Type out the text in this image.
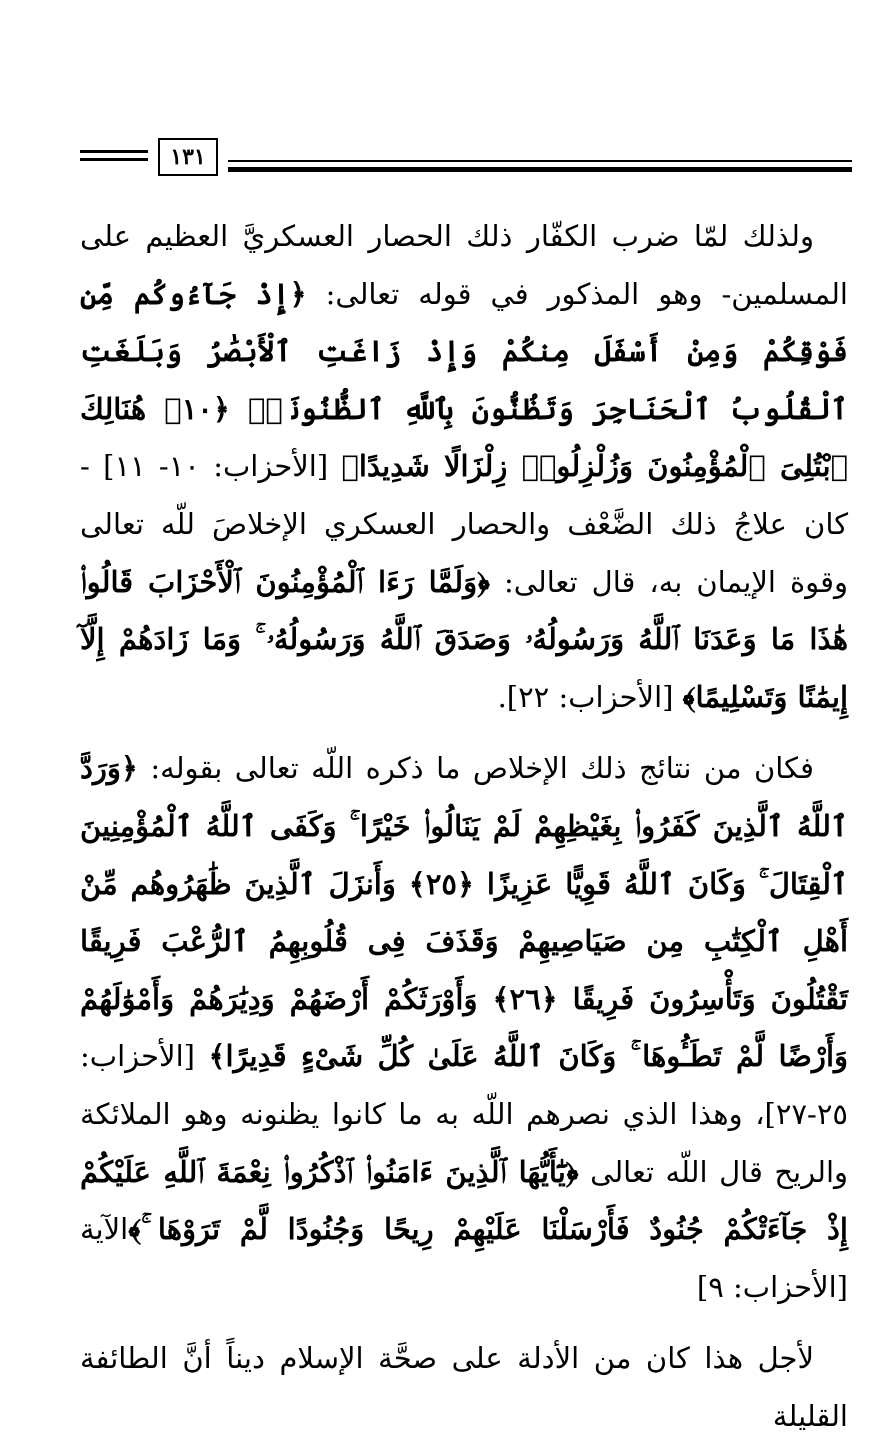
١٣١

ولذلك لمّا ضرب الكفّار ذلك الحصار العسكريَّ العظيم على المسلمين- وهو المذكور في قوله تعالى: ﴿إِذْ جَآءُوكُم مِّن فَوْقِكُمْ وَمِنْ أَسْفَلَ مِنكُمْ وَإِذْ زَاغَتِ ٱلْأَبْصَٰرُ وَبَلَغَتِ ٱلْقُلُوبُ ٱلْحَنَاجِرَ وَتَظُنُّونَ بِٱللَّهِ ٱلظُّنُونَا۠ ﴿١٠﴾ هُنَالِكَ ٱبْتُلِىَ ٱلْمُؤْمِنُونَ وَزُلْزِلُوا۟ زِلْزَالًا شَدِيدًا﴾ [الأحزاب: ١٠- ١١] - كان علاجُ ذلك الضَّعْف والحصار العسكري الإخلاصَ للّه تعالى وقوة الإيمان به، قال تعالى: ﴿وَلَمَّا رَءَا ٱلْمُؤْمِنُونَ ٱلْأَحْزَابَ قَالُوا۟ هَٰذَا مَا وَعَدَنَا ٱللَّهُ وَرَسُولُهُۥ وَصَدَقَ ٱللَّهُ وَرَسُولُهُۥ ۚ وَمَا زَادَهُمْ إِلَّآ إِيمَٰنًا وَتَسْلِيمًا﴾ [الأحزاب: ٢٢].

فكان من نتائج ذلك الإخلاص ما ذكره اللّه تعالى بقوله: ﴿وَرَدَّ ٱللَّهُ ٱلَّذِينَ كَفَرُوا۟ بِغَيْظِهِمْ لَمْ يَنَالُوا۟ خَيْرًا ۚ وَكَفَى ٱللَّهُ ٱلْمُؤْمِنِينَ ٱلْقِتَالَ ۚ وَكَانَ ٱللَّهُ قَوِيًّا عَزِيزًا ﴿٢٥﴾ وَأَنزَلَ ٱلَّذِينَ ظَٰهَرُوهُم مِّنْ أَهْلِ ٱلْكِتَٰبِ مِن صَيَاصِيهِمْ وَقَذَفَ فِى قُلُوبِهِمُ ٱلرُّعْبَ فَرِيقًا تَقْتُلُونَ وَتَأْسِرُونَ فَرِيقًا ﴿٢٦﴾ وَأَوْرَثَكُمْ أَرْضَهُمْ وَدِيَٰرَهُمْ وَأَمْوَٰلَهُمْ وَأَرْضًا لَّمْ تَطَـُٔوهَا ۚ وَكَانَ ٱللَّهُ عَلَىٰ كُلِّ شَىْءٍ قَدِيرًا﴾ [الأحزاب: ٢٥-٢٧]، وهذا الذي نصرهم اللّه به ما كانوا يظنونه وهو الملائكة والريح قال اللّه تعالى ﴿يَٰٓأَيُّهَا ٱلَّذِينَ ءَامَنُوا۟ ٱذْكُرُوا۟ نِعْمَةَ ٱللَّهِ عَلَيْكُمْ إِذْ جَآءَتْكُمْ جُنُودٌ فَأَرْسَلْنَا عَلَيْهِمْ رِيحًا وَجُنُودًا لَّمْ تَرَوْهَا ۚ﴾الآية [الأحزاب: ٩]

لأجل هذا كان من الأدلة على صحَّة الإسلام ديناً أنَّ الطائفة القليلة
